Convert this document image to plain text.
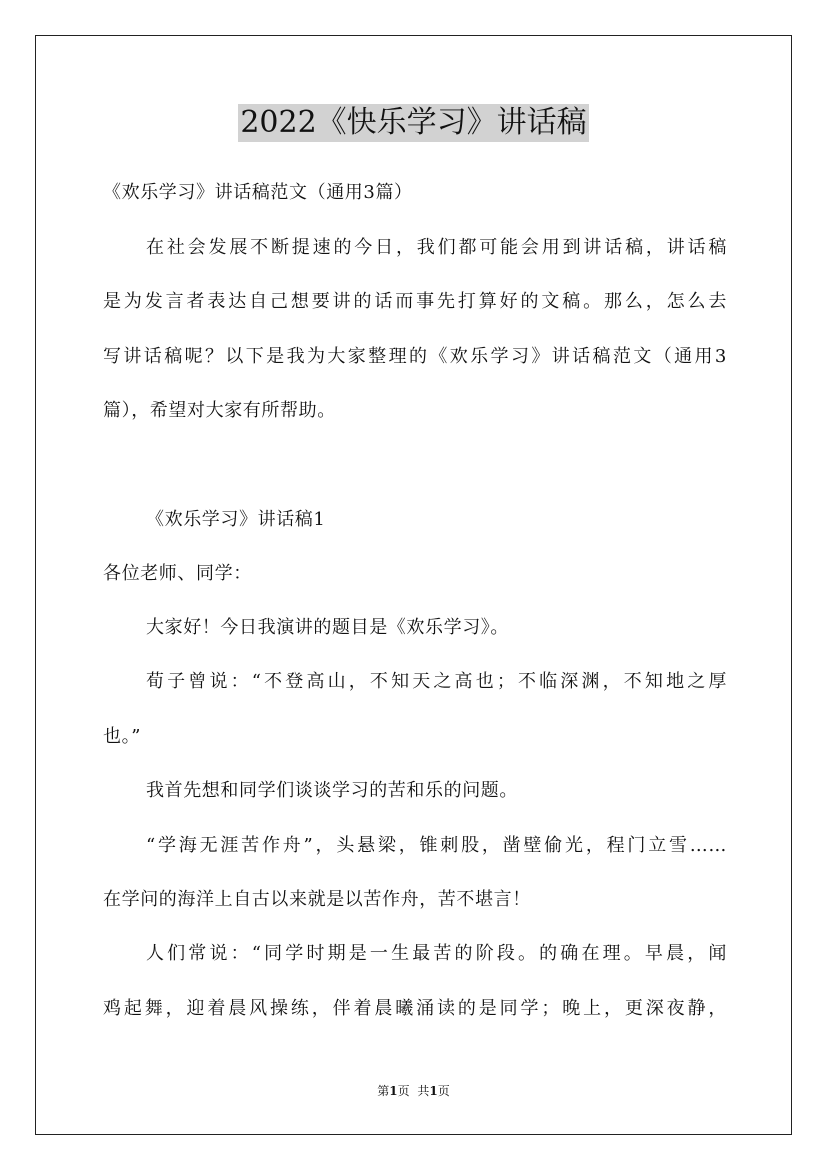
2022《快乐学习》讲话稿
《欢乐学习》讲话稿范文（通用3篇）
在社会发展不断提速的今日，我们都可能会用到讲话稿，讲话稿
是为发言者表达自己想要讲的话而事先打算好的文稿。那么，怎么去
写讲话稿呢？以下是我为大家整理的《欢乐学习》讲话稿范文（通用3
篇），希望对大家有所帮助。
《欢乐学习》讲话稿1
各位老师、同学：
大家好！今日我演讲的题目是《欢乐学习》。
荀子曾说：“不登高山，不知天之高也；不临深渊，不知地之厚
也。”
我首先想和同学们谈谈学习的苦和乐的问题。
“学海无涯苦作舟”，头悬梁，锥刺股，凿壁偷光，程门立雪……
在学问的海洋上自古以来就是以苦作舟，苦不堪言！
人们常说：“同学时期是一生最苦的阶段。的确在理。早晨，闻
鸡起舞，迎着晨风操练，伴着晨曦涌读的是同学；晚上，更深夜静，
第1页 共1页
